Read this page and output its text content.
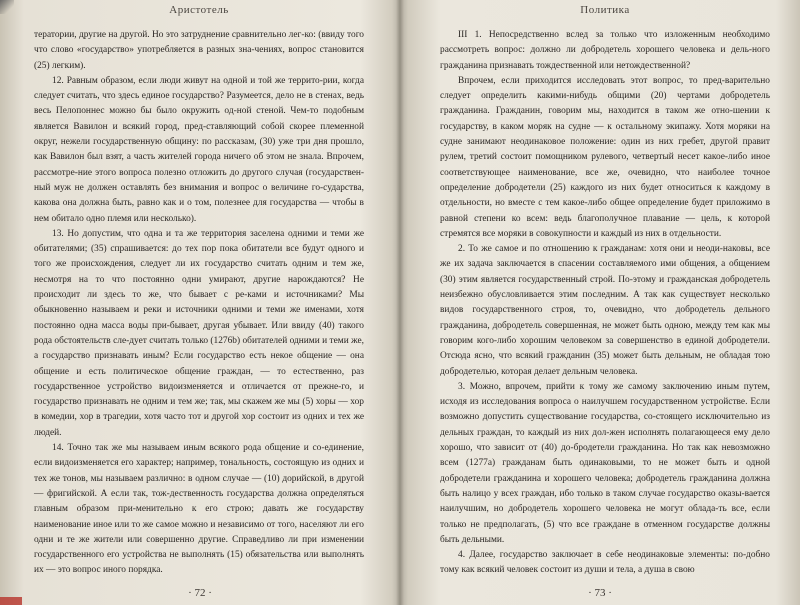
Аристотель

тератории, другие на другой. Но это затруднение сравнительно лег-ко: (ввиду того что слово «государство» употребляется в разных зна-чениях, вопрос становится (25) легким).

12. Равным образом, если люди живут на одной и той же террито-рии, когда следует считать, что здесь единое государство? Разумеется, дело не в стенах, ведь весь Пелопоннес можно бы было окружить од-ной стеной. Чем-то подобным является Вавилон и всякий город, пред-ставляющий собой скорее племенной округ, нежели государственную общину: по рассказам, (30) уже три дня прошло, как Вавилон был взят, а часть жителей города ничего об этом не знала. Впрочем, рассмотре-ние этого вопроса полезно отложить до другого случая (государствен-ный муж не должен оставлять без внимания и вопрос о величине го-сударства, какова она должна быть, равно как и о том, полезнее для государства — чтобы в нем обитало одно племя или несколько).

13. Но допустим, что одна и та же территория заселена одними и теми же обитателями; (35) спрашивается: до тех пор пока обитатели все будут одного и того же происхождения, следует ли их государство считать одним и тем же, несмотря на то что постоянно одни умирают, другие нарождаются? Не происходит ли здесь то же, что бывает с ре-ками и источниками? Мы обыкновенно называем и реки и источники одними и теми же именами, хотя постоянно одна масса воды при-бывает, другая убывает. Или ввиду (40) такого рода обстоятельств сле-дует считать только (1276b) обитателей одними и теми же, а государство признавать иным? Если государство есть некое общение — она общение и есть политическое общение граждан, — то естественно, раз государственное устройство видоизменяется и отличается от прежне-го, и государство признавать не одним и тем же; так, мы скажем же мы (5) хоры — хор в комедии, хор в трагедии, хотя часто тот и другой хор состоит из одних и тех же людей.

14. Точно так же мы называем иным всякого рода общение и со-единение, если видоизменяется его характер; например, тональность, состоящую из одних и тех же тонов, мы называем различно: в одном случае — (10) дорийской, в другой — фригийской. А если так, тож-дественность государства должна определяться главным образом при-менительно к его строю; давать же государству наименование иное или то же самое можно и независимо от того, населяют ли его одни и те же жители или совершенно другие. Справедливо ли при изменении государственного его устройства не выполнять (15) обязательства или выполнять их — это вопрос иного порядка.

· 72 ·
Политика

III 1. Непосредственно вслед за только что изложенным необходимо рассмотреть вопрос: должно ли добродетель хорошего человека и дель-ного гражданина признавать тождественной или нетождественной?

Впрочем, если приходится исследовать этот вопрос, то пред-варительно следует определить какими-нибудь общими (20) чертами добродетель гражданина. Гражданин, говорим мы, находится в таком же отно-шении к государству, в каком моряк на судне — к остальному экипажу. Хотя моряки на судне занимают неодинаковое положение: один из них гребет, другой правит рулем, третий состоит помощником рулевого, четвертый несет какое-либо иное соответствующее наименование, все же, очевидно, что наиболее точное определение добродетели (25) каждого из них будет относиться к каждому в отдельности, но вместе с тем какое-либо общее определение будет приложимо в равной степени ко всем: ведь благополучное плавание — цель, к которой стремятся все моряки в совокупности и каждый из них в отдельности.

2. То же самое и по отношению к гражданам: хотя они и неоди-наковы, все же их задача заключается в спасении составляемого ими общения, а общением (30) этим является государственный строй. По-этому и гражданская добродетель неизбежно обусловливается этим последним. А так как существует несколько видов государственного строя, то, очевидно, что добродетель дельного гражданина, добродетель совершенная, не может быть одною, между тем как мы говорим кого-либо хорошим человеком за совершенство в единой добродетели. Отсюда ясно, что всякий гражданин (35) может быть дельным, не обладая тою добродетелью, которая делает дельным человека.

3. Можно, впрочем, прийти к тому же самому заключению иным путем, исходя из исследования вопроса о наилучшем государственном устройстве. Если возможно допустить существование государства, со-стоящего исключительно из дельных граждан, то каждый из них дол-жен исполнять полагающееся ему дело хорошо, что зависит от (40) до-бродетели гражданина. Но так как невозможно всем (1277а) гражданам быть одинаковыми, то не может быть и одной добродетели гражданина и хорошего человека; добродетель гражданина должна быть налицо у всех граждан, ибо только в таком случае государство оказы-вается наилучшим, но добродетель хорошего человека не могут облада-ть все, если только не предполагать, (5) что все граждане в отменном государстве должны быть дельными.

4. Далее, государство заключает в себе неодинаковые элементы: по-добно тому как всякий человек состоит из души и тела, а душа в свою

· 73 ·
